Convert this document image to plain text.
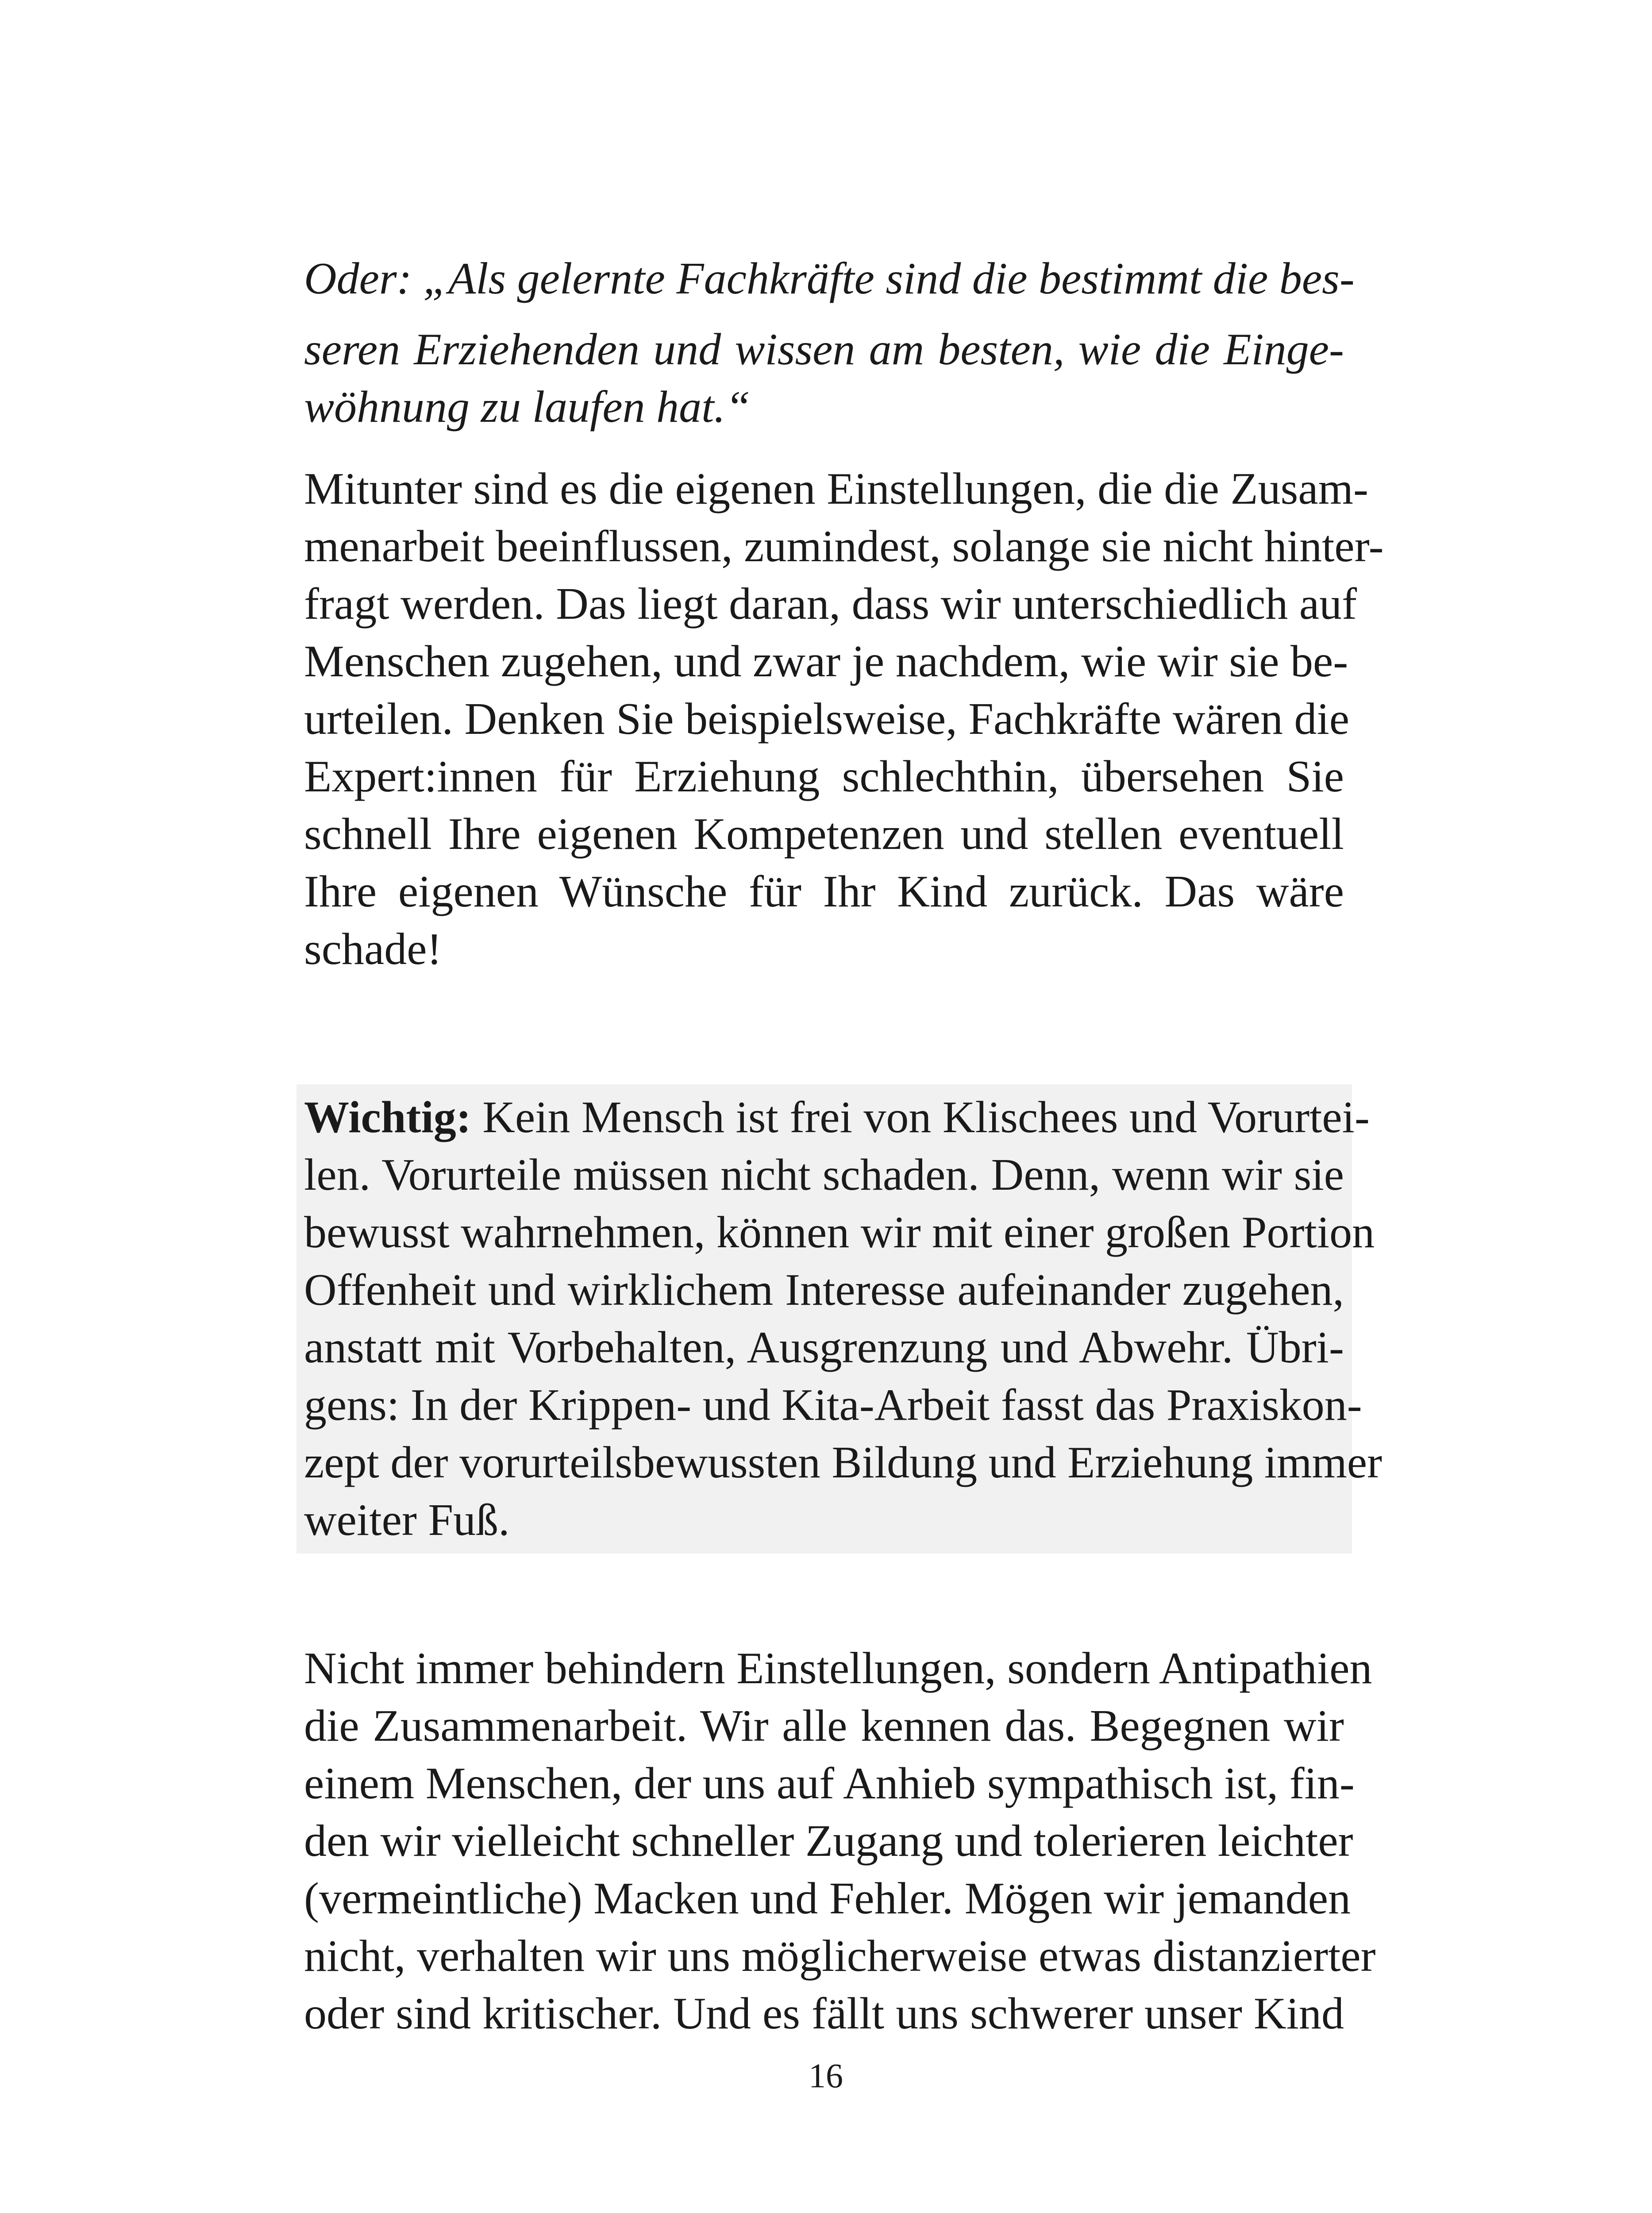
Oder: „Als gelernte Fachkräfte sind die bestimmt die bes-
seren Erziehenden und wissen am besten, wie die Einge-
wöhnung zu laufen hat.“
Mitunter sind es die eigenen Einstellungen, die die Zusam-
menarbeit beeinflussen, zumindest, solange sie nicht hinter-
fragt werden. Das liegt daran, dass wir unterschiedlich auf
Menschen zugehen, und zwar je nachdem, wie wir sie be-
urteilen. Denken Sie beispielsweise, Fachkräfte wären die
Expert:innen für Erziehung schlechthin, übersehen Sie
schnell Ihre eigenen Kompetenzen und stellen eventuell
Ihre eigenen Wünsche für Ihr Kind zurück. Das wäre
schade!
Wichtig: Kein Mensch ist frei von Klischees und Vorurtei-
len. Vorurteile müssen nicht schaden. Denn, wenn wir sie
bewusst wahrnehmen, können wir mit einer großen Portion
Offenheit und wirklichem Interesse aufeinander zugehen,
anstatt mit Vorbehalten, Ausgrenzung und Abwehr. Übri-
gens: In der Krippen- und Kita-Arbeit fasst das Praxiskon-
zept der vorurteilsbewussten Bildung und Erziehung immer
weiter Fuß.
Nicht immer behindern Einstellungen, sondern Antipathien
die Zusammenarbeit. Wir alle kennen das. Begegnen wir
einem Menschen, der uns auf Anhieb sympathisch ist, fin-
den wir vielleicht schneller Zugang und tolerieren leichter
(vermeintliche) Macken und Fehler. Mögen wir jemanden
nicht, verhalten wir uns möglicherweise etwas distanzierter
oder sind kritischer. Und es fällt uns schwerer unser Kind
16
